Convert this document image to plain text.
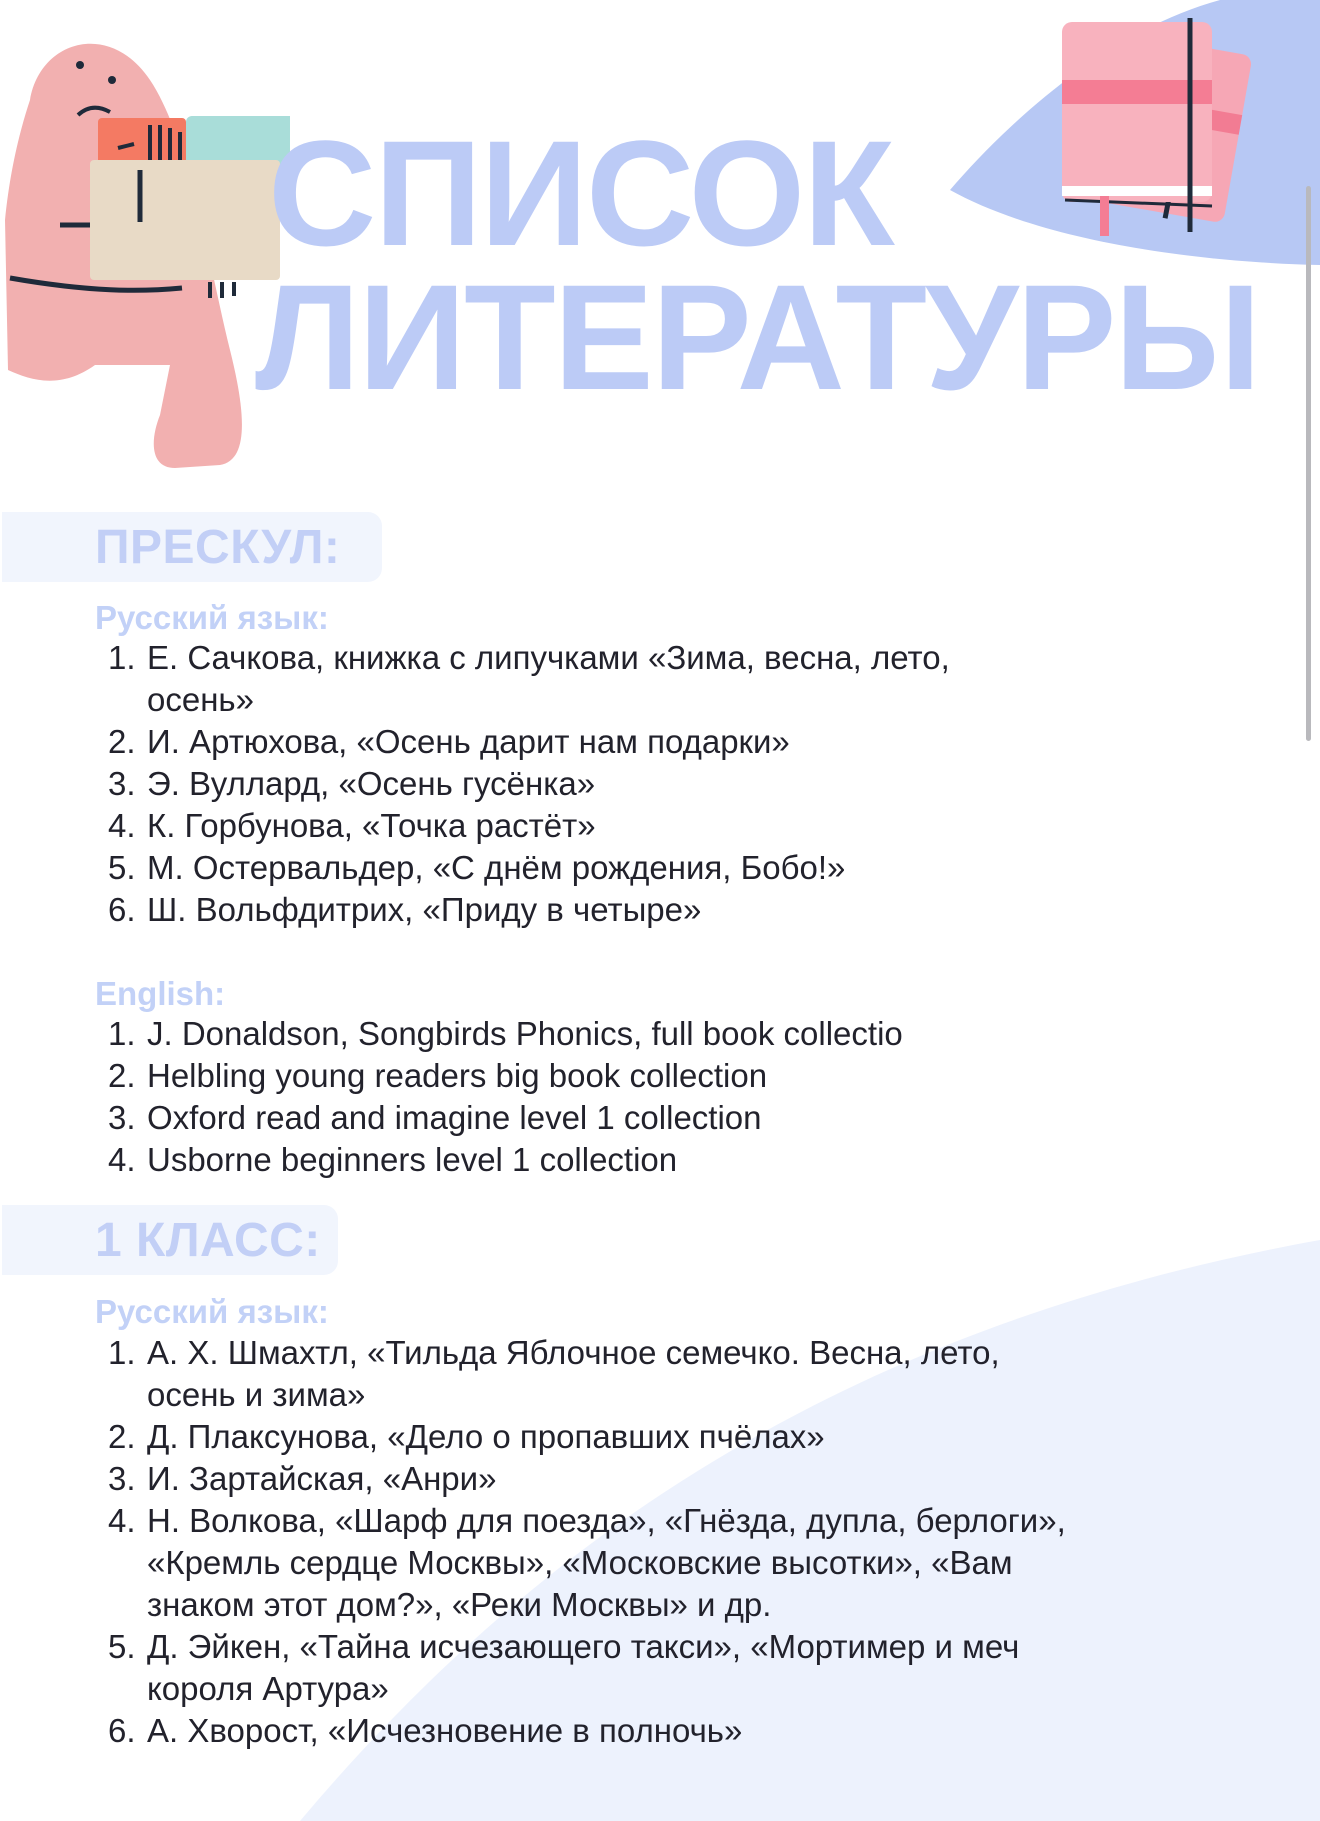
СПИСОК
ЛИТЕРАТУРЫ
ПРЕСКУЛ:
Русский язык:
1. Е. Сачкова, книжка с липучками «Зима, весна, лето,
осень»
2. И. Артюхова, «Осень дарит нам подарки»
3. Э. Вуллард, «Осень гусёнка»
4. К. Горбунова, «Точка растёт»
5. М. Остервальдер, «С днём рождения, Бобо!»
6. Ш. Вольфдитрих, «Приду в четыре»
English:
1. J. Donaldson, Songbirds Phonics, full book collectio
2. Helbling young readers big book collection
3. Oxford read and imagine level 1 collection
4. Usborne beginners level 1 collection
1 КЛАСС:
Русский язык:
1. А. Х. Шмахтл, «Тильда Яблочное семечко. Весна, лето,
осень и зима»
2. Д. Плаксунова, «Дело о пропавших пчёлах»
3. И. Зартайская, «Анри»
4. Н. Волкова, «Шарф для поезда», «Гнёзда, дупла, берлоги»,
«Кремль сердце Москвы», «Московские высотки», «Вам
знаком этот дом?», «Реки Москвы» и др.
5. Д. Эйкен, «Тайна исчезающего такси», «Мортимер и меч
короля Артура»
6. А. Хворост, «Исчезновение в полночь»
